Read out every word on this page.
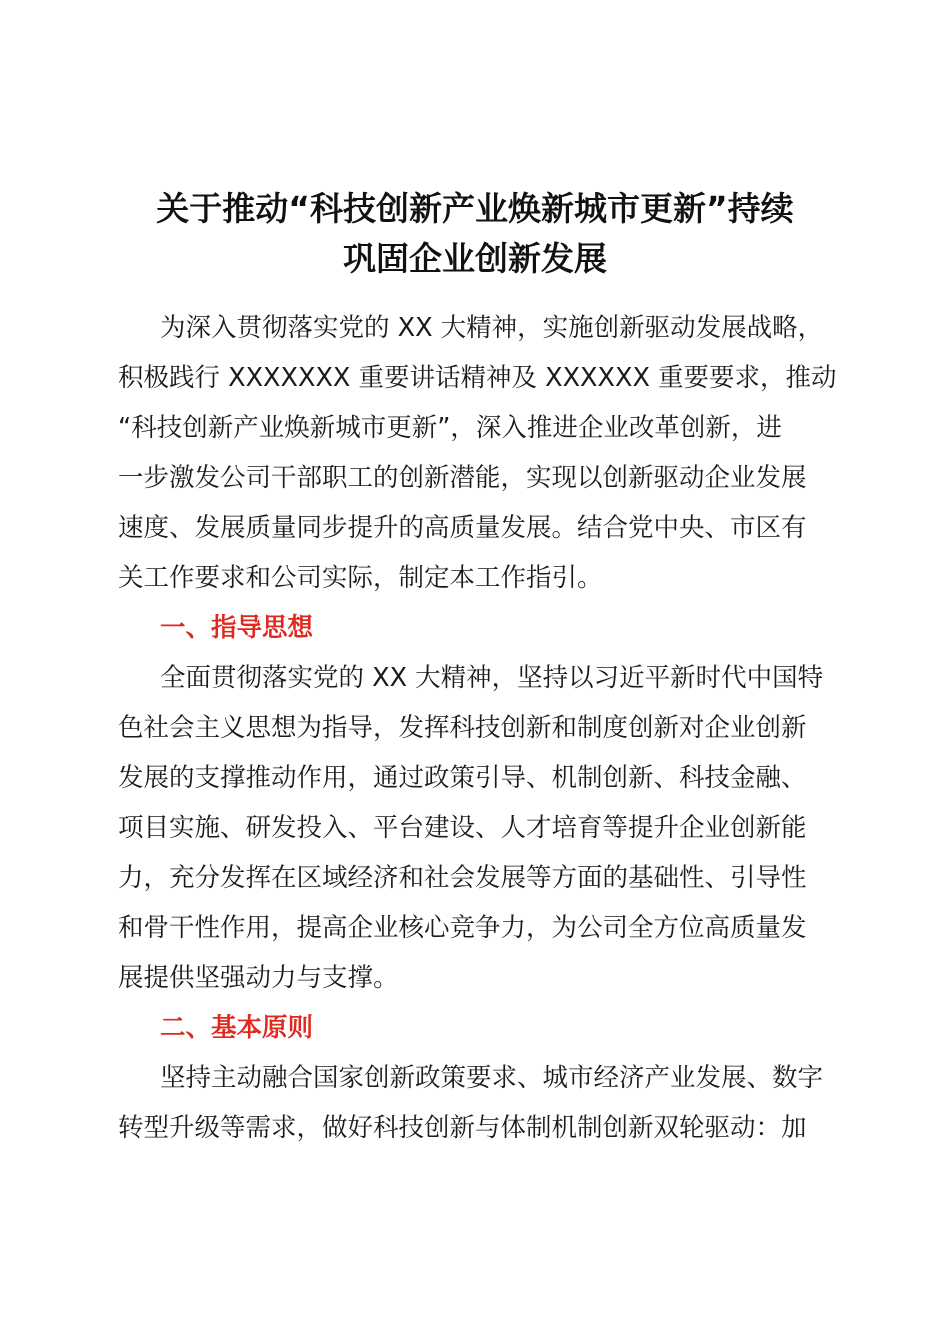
关于推动“科技创新产业焕新城市更新”持续
巩固企业创新发展
为深入贯彻落实党的 XX 大精神，实施创新驱动发展战略，
积极践行 XXXXXXX 重要讲话精神及 XXXXXX 重要要求，推动
“科技创新产业焕新城市更新”，深入推进企业改革创新，进
一步激发公司干部职工的创新潜能，实现以创新驱动企业发展
速度、发展质量同步提升的高质量发展。结合党中央、市区有
关工作要求和公司实际，制定本工作指引。
一、指导思想
全面贯彻落实党的 XX 大精神，坚持以习近平新时代中国特
色社会主义思想为指导，发挥科技创新和制度创新对企业创新
发展的支撑推动作用，通过政策引导、机制创新、科技金融、
项目实施、研发投入、平台建设、人才培育等提升企业创新能
力，充分发挥在区域经济和社会发展等方面的基础性、引导性
和骨干性作用，提高企业核心竞争力，为公司全方位高质量发
展提供坚强动力与支撑。
二、基本原则
坚持主动融合国家创新政策要求、城市经济产业发展、数字
转型升级等需求，做好科技创新与体制机制创新双轮驱动：加
